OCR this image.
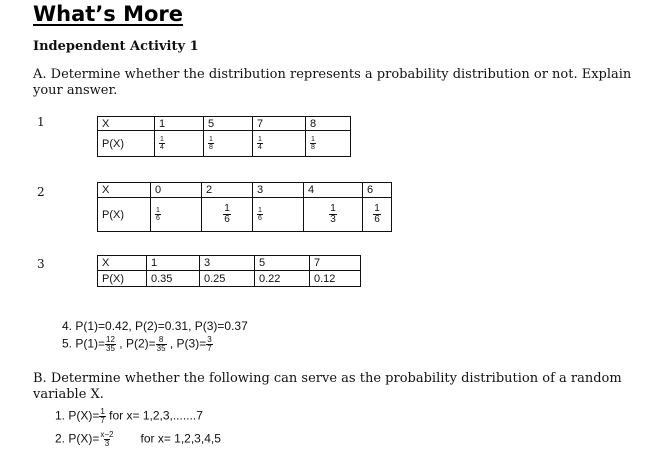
What’s More
Independent Activity 1
A. Determine whether the distribution represents a probability distribution or not. Explain your answer.
1	X	1	5	7	8
P(X)	$\frac{1}{4}$	$\frac{1}{8}$	$\frac{1}{4}$	$\frac{1}{8}$
2	X	0	2	3	4	6
P(X)	$\frac{1}{6}$	$\frac{1}{6}$	$\frac{1}{6}$	$\frac{1}{3}$	$\frac{1}{6}$
3	X	1	3	5	7
P(X)	0.35	0.25	0.22	0.12
4. P(1)=0.42, P(2)=0.31, P(3)=0.37
5. $P(1)= \frac{12}{35}$ , $P(2)= \frac{8}{35}$ , $P(3)= \frac{3}{7}$
B. Determine whether the following can serve as the probability distribution of a random variable X.
1. $P(X)= \frac{1}{7}$ for x= 1,2,3,.......7
2. $P(X)= \frac{x-2}{3}$ for x= 1,2,3,4,5
